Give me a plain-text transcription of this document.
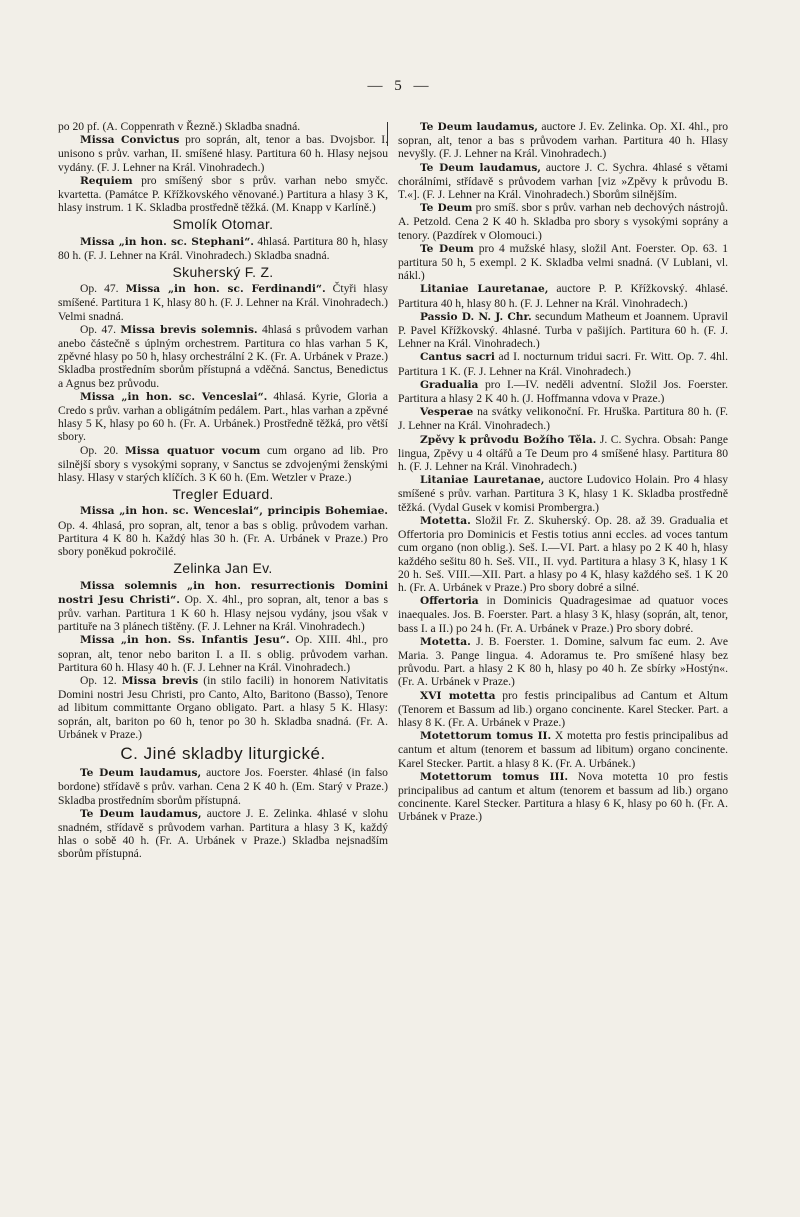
— 5 —

po 20 pf. (A. Coppenrath v Řezně.) Skladba snadná.

Missa Convictus pro soprán, alt, tenor a bas. Dvojsbor. I. unisono s prův. varhan, II. smíšené hlasy. Partitura 60 h. Hlasy nejsou vydány. (F. J. Lehner na Král. Vinohradech.)

Requiem pro smíšený sbor s prův. varhan nebo smyčc. kvartetta. (Památce P. Křížkovského věnované.) Partitura a hlasy 3 K, hlasy instrum. 1 K. Skladba prostředně těžká. (M. Knapp v Karlíně.)

Smolík Otomar.

Missa „in hon. sc. Stephani“. 4hlasá. Partitura 80 h, hlasy 80 h. (F. J. Lehner na Král. Vinohradech.) Skladba snadná.

Skuherský F. Z.

Op. 47. Missa „in hon. sc. Ferdinandi“. Čtyři hlasy smíšené. Partitura 1 K, hlasy 80 h. (F. J. Lehner na Král. Vinohradech.) Velmi snadná.

Op. 47. Missa brevis solemnis. 4hlasá s průvodem varhan anebo částečně s úplným orchestrem. Partitura co hlas varhan 5 K, zpěvné hlasy po 50 h, hlasy orchestrální 2 K. (Fr. A. Urbánek v Praze.) Skladba prostředním sborům přístupná a vděčná. Sanctus, Benedictus a Agnus bez průvodu.

Missa „in hon. sc. Venceslai“. 4hlasá. Kyrie, Gloria a Credo s prův. varhan a obligátním pedálem. Part., hlas varhan a zpěvné hlasy 5 K, hlasy po 60 h. (Fr. A. Urbánek.) Prostředně těžká, pro větší sbory.

Op. 20. Missa quatuor vocum cum organo ad lib. Pro silnější sbory s vysokými soprany, v Sanctus se zdvojenými ženskými hlasy. Hlasy v starých klíčích. 3 K 60 h. (Em. Wetzler v Praze.)

Tregler Eduard.

Missa „in hon. sc. Wenceslai“, principis Bohemiae. Op. 4. 4hlasá, pro sopran, alt, tenor a bas s oblig. průvodem varhan. Partitura 4 K 80 h. Každý hlas 30 h. (Fr. A. Urbánek v Praze.) Pro sbory poněkud pokročilé.

Zelinka Jan Ev.

Missa solemnis „in hon. resurrectionis Domini nostri Jesu Christi“. Op. X. 4hl., pro sopran, alt, tenor a bas s prův. varhan. Partitura 1 K 60 h. Hlasy nejsou vydány, jsou však v partituře na 3 plánech tištěny. (F. J. Lehner na Král. Vinohradech.)

Missa „in hon. Ss. Infantis Jesu“. Op. XIII. 4hl., pro sopran, alt, tenor nebo bariton I. a II. s oblig. průvodem varhan. Partitura 60 h. Hlasy 40 h. (F. J. Lehner na Král. Vinohradech.)

Op. 12. Missa brevis (in stilo facili) in honorem Nativitatis Domini nostri Jesu Christi, pro Canto, Alto, Baritono (Basso), Tenore ad libitum committante Organo obligato. Part. a hlasy 5 K. Hlasy: soprán, alt, bariton po 60 h, tenor po 30 h. Skladba snadná. (Fr. A. Urbánek v Praze.)

C. Jiné skladby liturgické.

Te Deum laudamus, auctore Jos. Foerster. 4hlasé (in falso bordone) střídavě s prův. varhan. Cena 2 K 40 h. (Em. Starý v Praze.) Skladba prostředním sborům přístupná.

Te Deum laudamus, auctore J. E. Zelinka. 4hlasé v slohu snadném, střídavě s průvodem varhan. Partitura a hlasy 3 K, každý hlas o sobě 40 h. (Fr. A. Urbánek v Praze.) Skladba nejsnadším sborům přístupná.

Te Deum laudamus, auctore J. Ev. Zelinka. Op. XI. 4hl., pro sopran, alt, tenor a bas s průvodem varhan. Partitura 40 h. Hlasy nevyšly. (F. J. Lehner na Král. Vinohradech.)

Te Deum laudamus, auctore J. C. Sychra. 4hlasé s větami chorálními, střídavě s průvodem varhan [viz »Zpěvy k průvodu B. T.«]. (F. J. Lehner na Král. Vinohradech.) Sborům silnějším.

Te Deum pro smíš. sbor s prův. varhan neb dechových nástrojů. A. Petzold. Cena 2 K 40 h. Skladba pro sbory s vysokými soprány a tenory. (Pazdírek v Olomouci.)

Te Deum pro 4 mužské hlasy, složil Ant. Foerster. Op. 63. 1 partitura 50 h, 5 exempl. 2 K. Skladba velmi snadná. (V Lublani, vl. nákl.)

Litaniae Lauretanae, auctore P. P. Křížkovský. 4hlasé. Partitura 40 h, hlasy 80 h. (F. J. Lehner na Král. Vinohradech.)

Passio D. N. J. Chr. secundum Matheum et Joannem. Upravil P. Pavel Křížkovský. 4hlasné. Turba v pašijích. Partitura 60 h. (F. J. Lehner na Král. Vinohradech.)

Cantus sacri ad I. nocturnum tridui sacri. Fr. Witt. Op. 7. 4hl. Partitura 1 K. (F. J. Lehner na Král. Vinohradech.)

Gradualia pro I.—IV. neděli adventní. Složil Jos. Foerster. Partitura a hlasy 2 K 40 h. (J. Hoffmanna vdova v Praze.)

Vesperae na svátky velikonoční. Fr. Hruška. Partitura 80 h. (F. J. Lehner na Král. Vinohradech.)

Zpěvy k průvodu Božího Těla. J. C. Sychra. Obsah: Pange lingua, Zpěvy u 4 oltářů a Te Deum pro 4 smíšené hlasy. Partitura 80 h. (F. J. Lehner na Král. Vinohradech.)

Litaniae Lauretanae, auctore Ludovico Holain. Pro 4 hlasy smíšené s prův. varhan. Partitura 3 K, hlasy 1 K. Skladba prostředně těžká. (Vydal Gusek v komisi Prombergra.)

Motetta. Složil Fr. Z. Skuherský. Op. 28. až 39. Gradualia et Offertoria pro Dominicis et Festis totius anni eccles. ad voces tantum cum organo (non oblig.). Seš. I.—VI. Part. a hlasy po 2 K 40 h, hlasy každého sešitu 80 h. Seš. VII., II. vyd. Partitura a hlasy 3 K, hlasy 1 K 20 h. Seš. VIII.—XII. Part. a hlasy po 4 K, hlasy každého seš. 1 K 20 h. (Fr. A. Urbánek v Praze.) Pro sbory dobré a silné.

Offertoria in Dominicis Quadragesimae ad quatuor voces inaequales. Jos. B. Foerster. Part. a hlasy 3 K, hlasy (soprán, alt, tenor, bass I. a II.) po 24 h. (Fr. A. Urbánek v Praze.) Pro sbory dobré.

Motetta. J. B. Foerster. 1. Domine, salvum fac eum. 2. Ave Maria. 3. Pange lingua. 4. Adoramus te. Pro smíšené hlasy bez průvodu. Part. a hlasy 2 K 80 h, hlasy po 40 h. Ze sbírky »Hostýn«. (Fr. A. Urbánek v Praze.)

XVI motetta pro festis principalibus ad Cantum et Altum (Tenorem et Bassum ad lib.) organo concinente. Karel Stecker. Part. a hlasy 8 K. (Fr. A. Urbánek v Praze.)

Motettorum tomus II. X motetta pro festis principalibus ad cantum et altum (tenorem et bassum ad libitum) organo concinente. Karel Stecker. Partit. a hlasy 8 K. (Fr. A. Urbánek.)

Motettorum tomus III. Nova motetta 10 pro festis principalibus ad cantum et altum (tenorem et bassum ad lib.) organo concinente. Karel Stecker. Partitura a hlasy 6 K, hlasy po 60 h. (Fr. A. Urbánek v Praze.)
